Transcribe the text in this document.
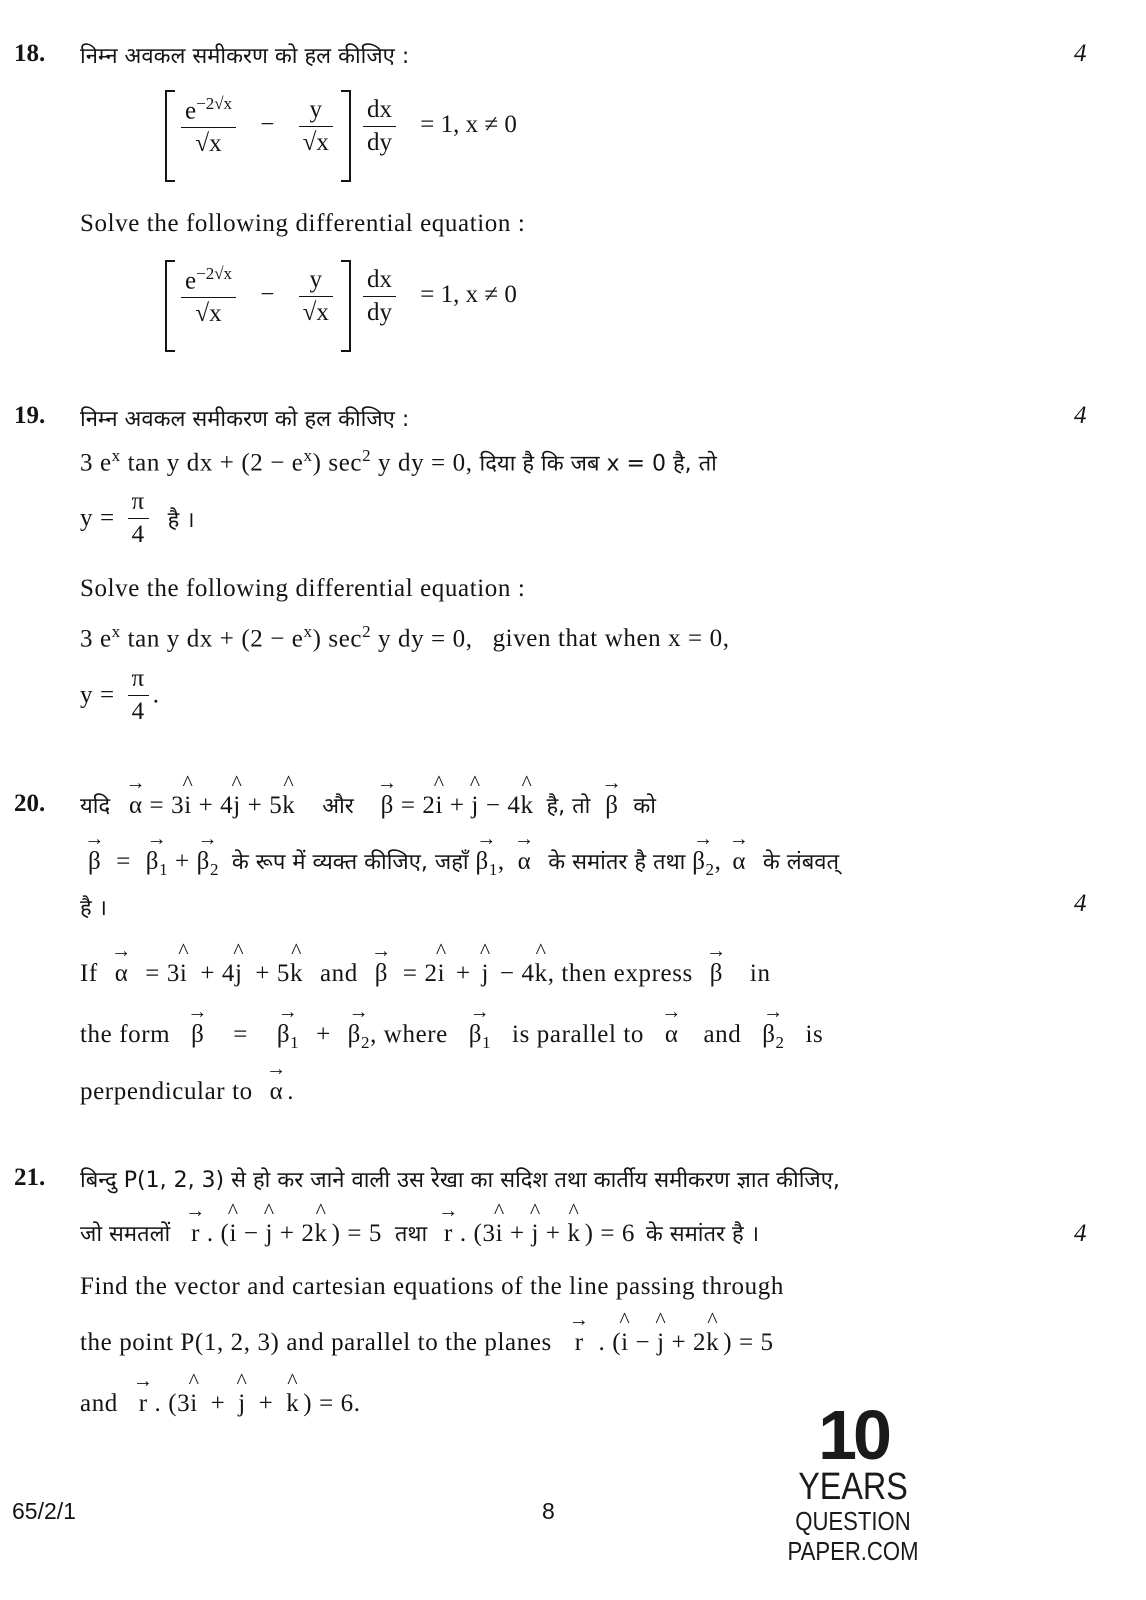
18.	4
निम्न अवकल समीकरण को हल कीजिए :
$\frac{e^{-2√x}}{√x} - \frac{y}{√x} \frac{dx}{dy} = 1$, x ≠ 0
Solve the following differential equation :
$\frac{e^{-2√x}}{√x} - \frac{y}{√x} \frac{dx}{dy} = 1$, x ≠ 0
19.	4
निम्न अवकल समीकरण को हल कीजिए :
3 $e^x$ tan y dx + $(2 - e^x)$ $\sec^2 y$ dy = 0, दिया है कि जब x = 0 है, तो
$y = \frac{\pi}{4}$ है ।
Solve the following differential equation :
3 $e^x$ tan y dx + $(2 - e^x)$ $\sec^2 y$ dy = 0, given that when x = 0,
$y = \frac{\pi}{4}$ .
20.
4
यदि → α = 3^ i + 4^ j + 5^ k और → β = 2^ i + ^ j − 4^ k है, तो → β को
→ β = → $\beta_1$ + → $\beta_2$ के रूप में व्यक्त कीजिए, जहाँ → $\beta_1$, → α के समांतर है तथा → $\beta_2$, → α के लंबवत्
है ।
If → α = 3^ i + 4^ j + 5^ k and → β = 2^ i + ^ j − 4^ k, then express → β in
the form → β = → $\beta_1$ + → $\beta_2$, where → $\beta_1$ is parallel to → α and → $\beta_2$ is
perpendicular to → α .
21.
4
बिन्दु P(1, 2, 3) से हो कर जाने वाली उस रेखा का सदिश तथा कार्तीय समीकरण ज्ञात कीजिए,
जो समतलों → r . (^ i − ^ j + 2^ k ) = 5 तथा → r . (3^ i + ^ j + ^ k ) = 6 के समांतर है ।
Find the vector and cartesian equations of the line passing through
the point P(1, 2, 3) and parallel to the planes → r . (^ i − ^ j + 2^ k ) = 5
and → r . (3^ i + ^ j + ^ k ) = 6.
65/2/1	8
10
YEARS
QUESTION PAPER.COM
